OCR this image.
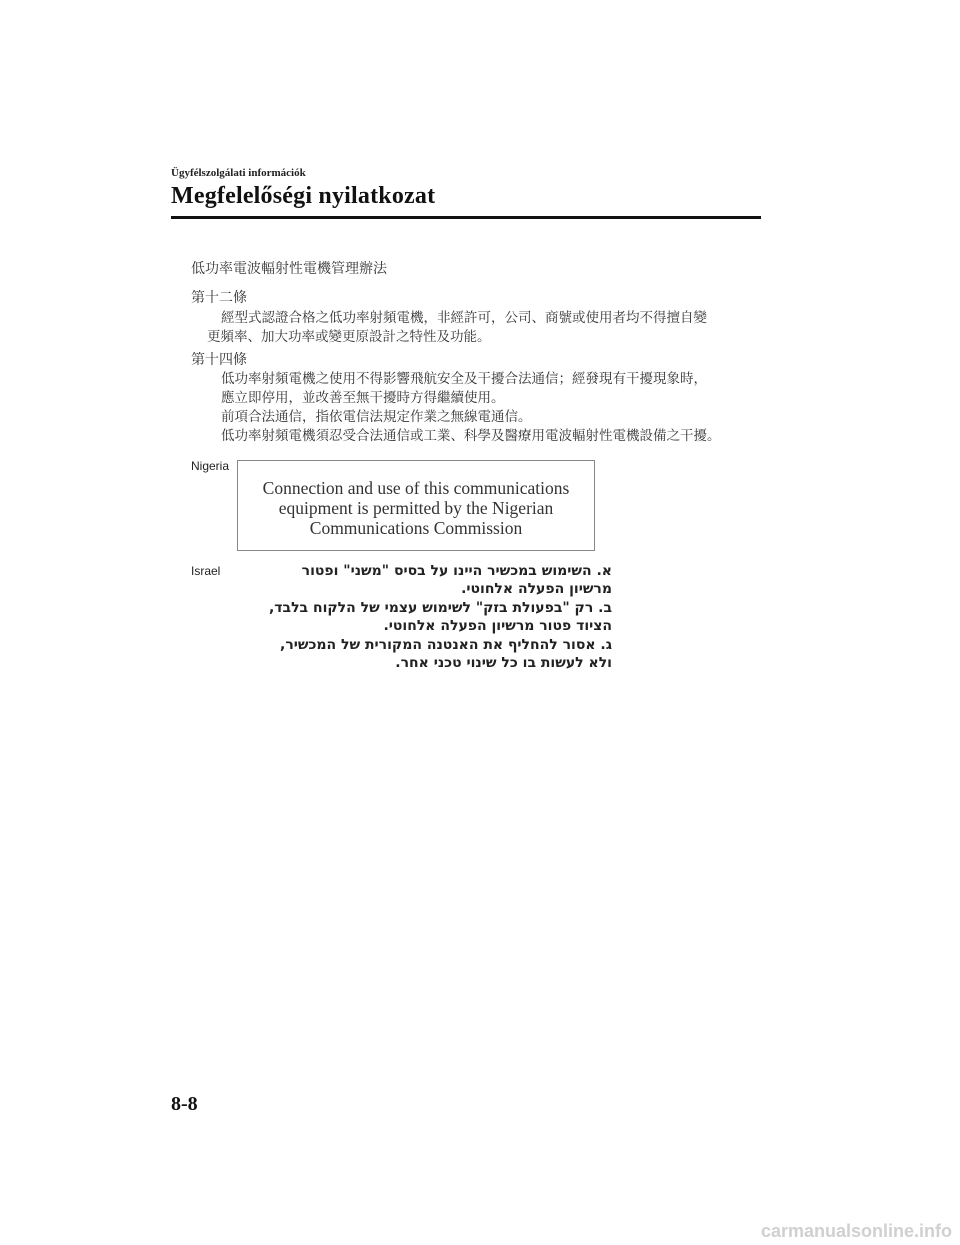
Ügyfélszolgálati információk
Megfelelőségi nyilatkozat
低功率電波輻射性電機管理辦法
第十二條
經型式認證合格之低功率射頻電機，非經許可，公司、商號或使用者均不得擅自變
更頻率、加大功率或變更原設計之特性及功能。
第十四條
低功率射頻電機之使用不得影響飛航安全及干擾合法通信；經發現有干擾現象時，
應立即停用，並改善至無干擾時方得繼續使用。
前項合法通信，指依電信法規定作業之無線電通信。
低功率射頻電機須忍受合法通信或工業、科學及醫療用電波輻射性電機設備之干擾。
Nigeria
Connection and use of this communications
equipment is permitted by the Nigerian
Communications Commission
Israel	א. השימוש במכשיר היינו על בסיס "משני" ופטור
מרשיון הפעלה אלחוטי.
ב. רק "בפעולת בזק" לשימוש עצמי של הלקוח בלבד,
הציוד פטור מרשיון הפעלה אלחוטי.
ג. אסור להחליף את האנטנה המקורית של המכשיר,
ולא לעשות בו כל שינוי טכני אחר.
8-8
carmanualsonline.info
